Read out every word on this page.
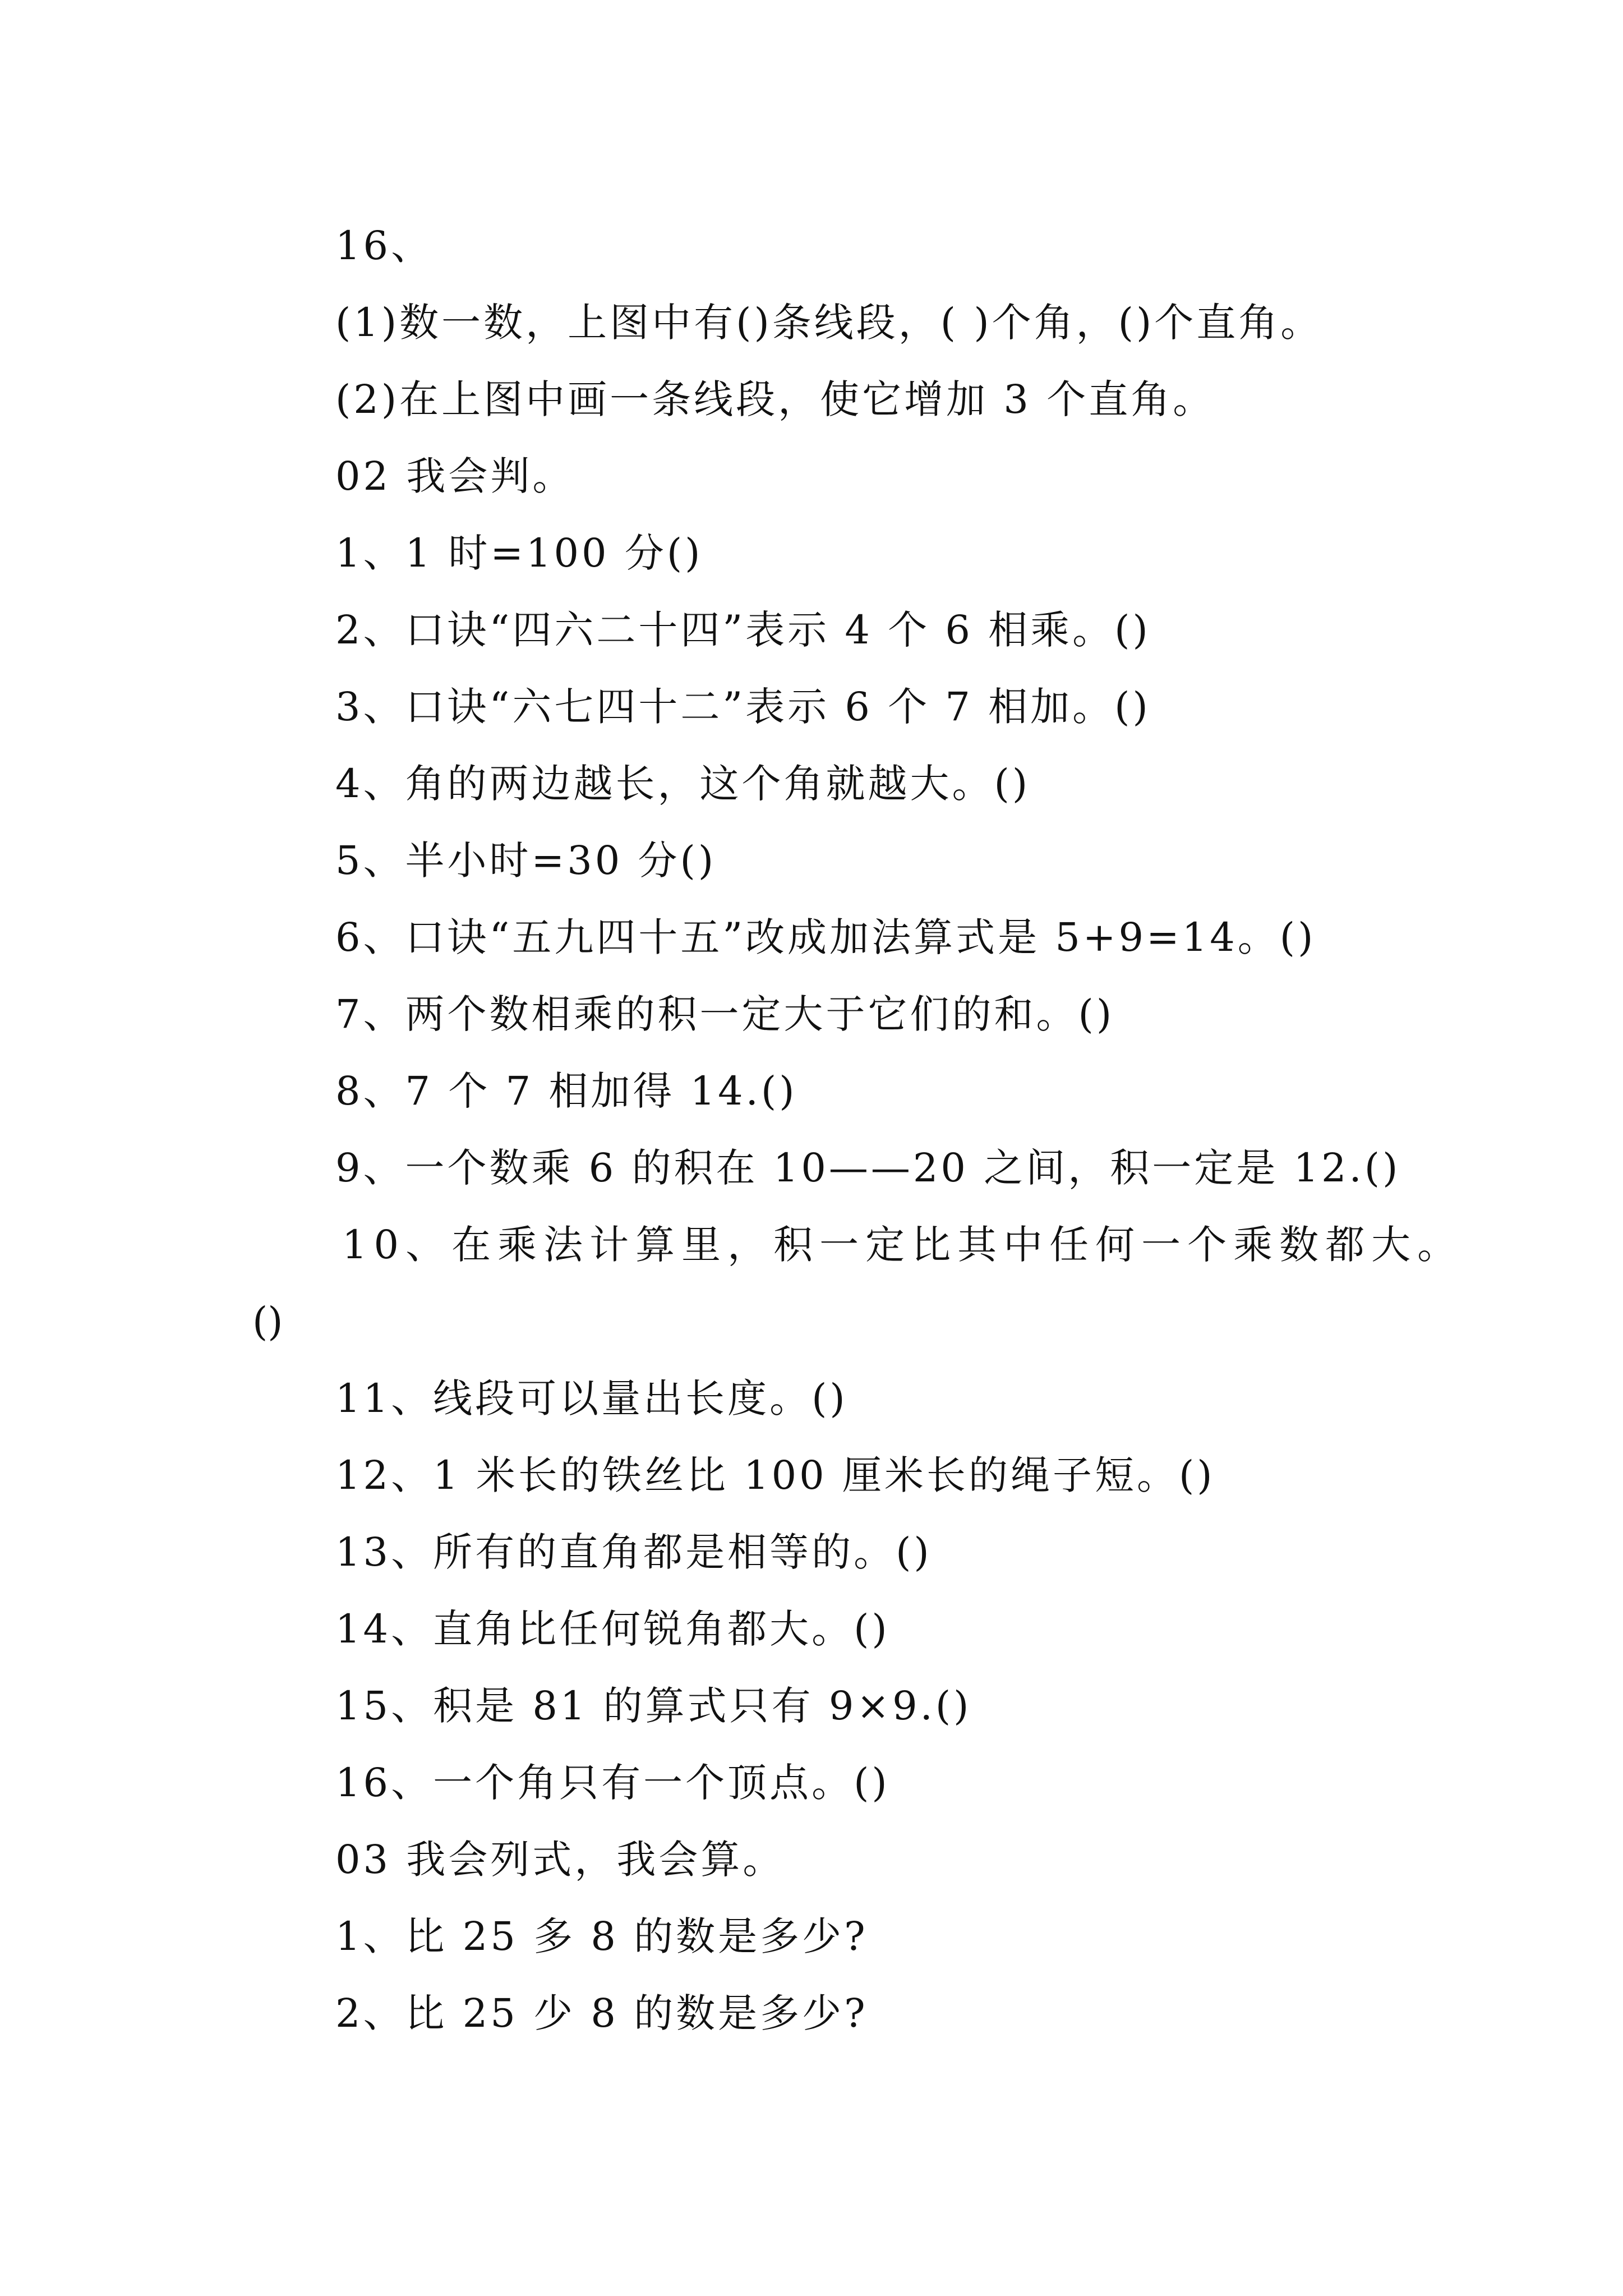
16、
(1)数一数，上图中有()条线段，( )个角，()个直角。
(2)在上图中画一条线段，使它增加 3 个直角。
02 我会判。
1、1 时=100 分()
2、口诀“四六二十四”表示 4 个 6 相乘。()
3、口诀“六七四十二”表示 6 个 7 相加。()
4、角的两边越长，这个角就越大。()
5、半小时=30 分()
6、口诀“五九四十五”改成加法算式是 5+9=14。()
7、两个数相乘的积一定大于它们的和。()
8、7 个 7 相加得 14.()
9、一个数乘 6 的积在 10——20 之间，积一定是 12.()
10、在乘法计算里，积一定比其中任何一个乘数都大。
()
11、线段可以量出长度。()
12、1 米长的铁丝比 100 厘米长的绳子短。()
13、所有的直角都是相等的。()
14、直角比任何锐角都大。()
15、积是 81 的算式只有 9×9.()
16、一个角只有一个顶点。()
03 我会列式，我会算。
1、比 25 多 8 的数是多少?
2、比 25 少 8 的数是多少?
